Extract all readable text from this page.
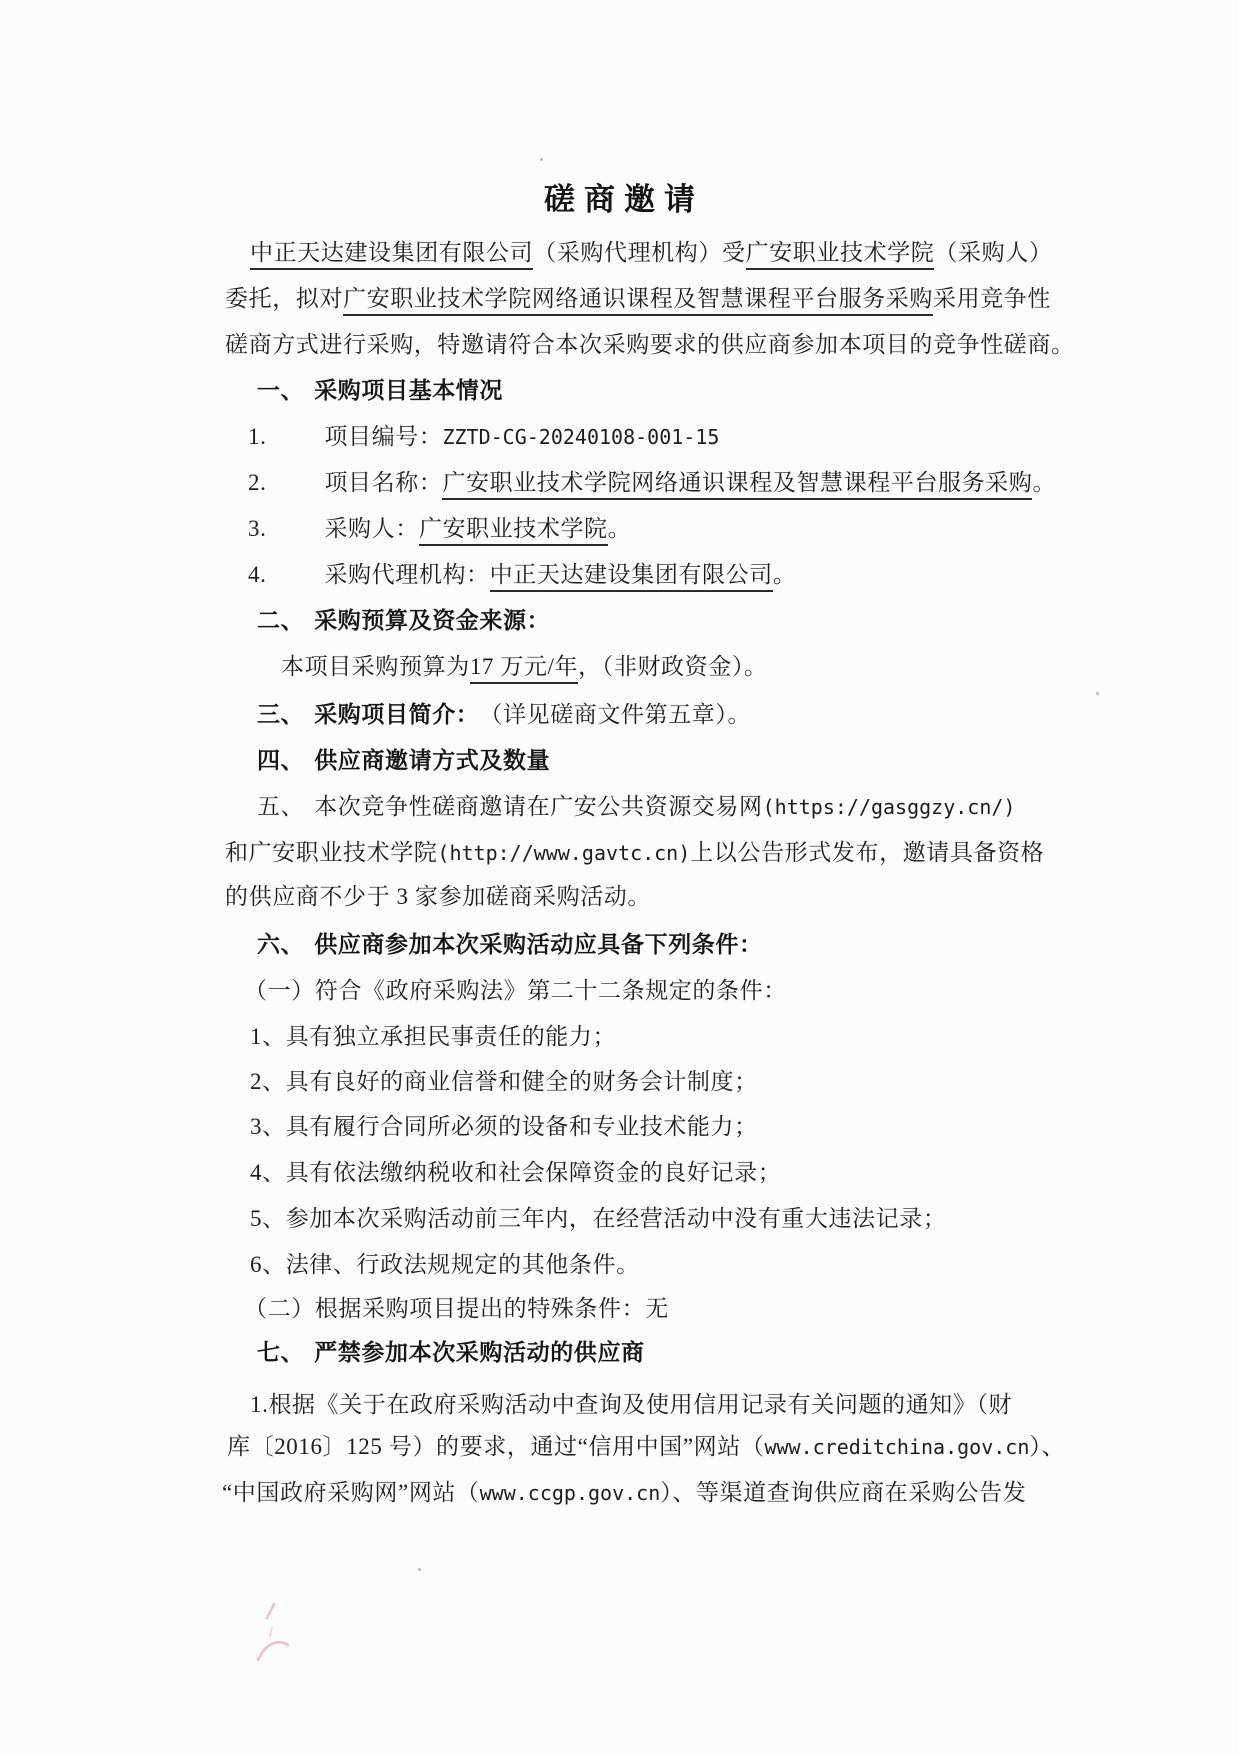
磋商邀请
中正天达建设集团有限公司（采购代理机构）受广安职业技术学院（采购人）
委托，拟对广安职业技术学院网络通识课程及智慧课程平台服务采购采用竞争性
磋商方式进行采购，特邀请符合本次采购要求的供应商参加本项目的竞争性磋商。
一、 采购项目基本情况
1.	项目编号：ZZTD-CG-20240108-001-15
2.	项目名称：广安职业技术学院网络通识课程及智慧课程平台服务采购。
3.	采购人：广安职业技术学院。
4.	采购代理机构：中正天达建设集团有限公司。
二、 采购预算及资金来源：
本项目采购预算为17 万元/年，（非财政资金）。
三、 采购项目简介：（详见磋商文件第五章）。
四、 供应商邀请方式及数量
五、 本次竞争性磋商邀请在广安公共资源交易网(https://gasggzy.cn/)
和广安职业技术学院(http://www.gavtc.cn)上以公告形式发布，邀请具备资格
的供应商不少于 3 家参加磋商采购活动。
六、 供应商参加本次采购活动应具备下列条件：
（一）符合《政府采购法》第二十二条规定的条件：
1、具有独立承担民事责任的能力；
2、具有良好的商业信誉和健全的财务会计制度；
3、具有履行合同所必须的设备和专业技术能力；
4、具有依法缴纳税收和社会保障资金的良好记录；
5、参加本次采购活动前三年内，在经营活动中没有重大违法记录；
6、法律、行政法规规定的其他条件。
（二）根据采购项目提出的特殊条件：无
七、 严禁参加本次采购活动的供应商
1.根据《关于在政府采购活动中查询及使用信用记录有关问题的通知》（财
库〔2016〕125 号）的要求，通过“信用中国”网站（www.creditchina.gov.cn）、
“中国政府采购网”网站（www.ccgp.gov.cn）、等渠道查询供应商在采购公告发
